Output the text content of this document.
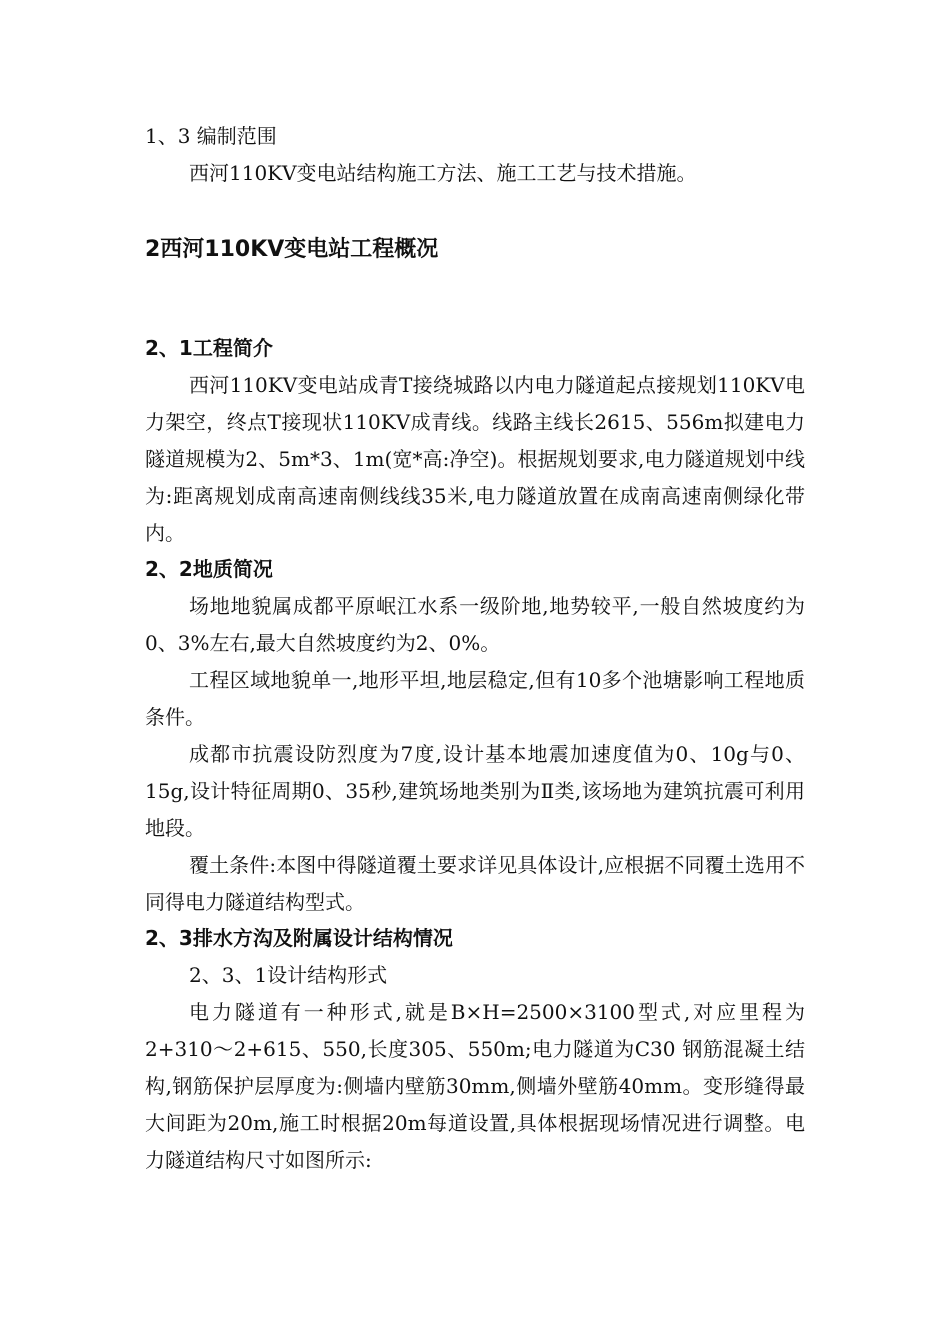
1、3 编制范围

西河110KV变电站结构施工方法、施工工艺与技术措施。

2西河110KV变电站工程概况

2、1工程简介

西河110KV变电站成青T接绕城路以内电力隧道起点接规划110KV电力架空，终点T接现状110KV成青线。线路主线长2615、556m拟建电力隧道规模为2、5m*3、1m(宽*高:净空)。根据规划要求,电力隧道规划中线为:距离规划成南高速南侧线线35米,电力隧道放置在成南高速南侧绿化带内。

2、2地质简况

场地地貌属成都平原岷江水系一级阶地,地势较平,一般自然坡度约为0、3%左右,最大自然坡度约为2、0%。

工程区域地貌单一,地形平坦,地层稳定,但有10多个池塘影响工程地质条件。

成都市抗震设防烈度为7度,设计基本地震加速度值为0、10g与0、15g,设计特征周期0、35秒,建筑场地类别为Ⅱ类,该场地为建筑抗震可利用地段。

覆土条件:本图中得隧道覆土要求详见具体设计,应根据不同覆土选用不同得电力隧道结构型式。

2、3排水方沟及附属设计结构情况

2、3、1设计结构形式

电力隧道有一种形式,就是B×H=2500×3100型式,对应里程为2+310～2+615、550,长度305、550m;电力隧道为C30 钢筋混凝土结构,钢筋保护层厚度为:侧墙内壁筋30mm,侧墙外壁筋40mm。变形缝得最大间距为20m,施工时根据20m每道设置,具体根据现场情况进行调整。电力隧道结构尺寸如图所示:
